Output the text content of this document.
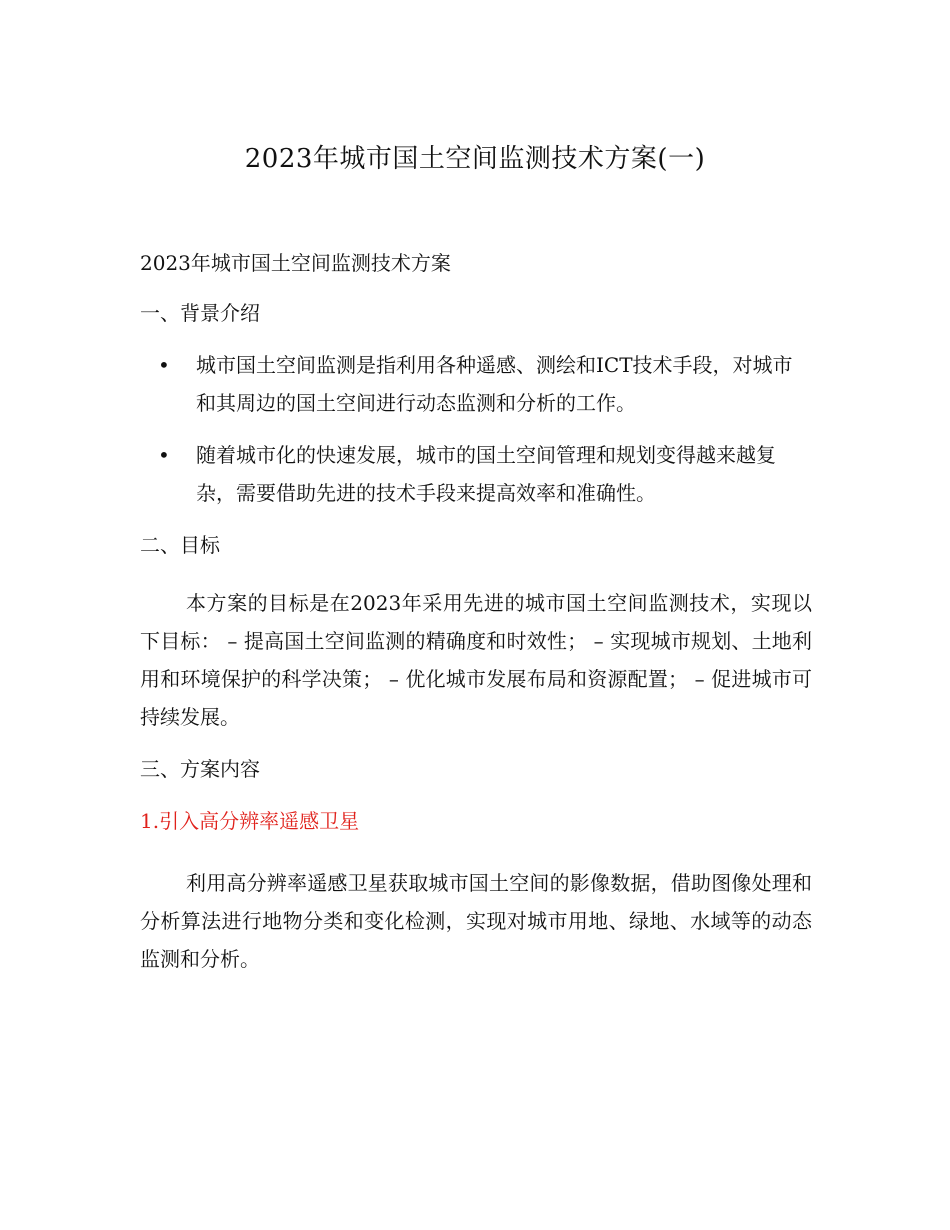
2023年城市国土空间监测技术方案(一)

2023年城市国土空间监测技术方案

一、背景介绍

• 城市国土空间监测是指利用各种遥感、测绘和ICT技术手段，对城市和其周边的国土空间进行动态监测和分析的工作。
• 随着城市化的快速发展，城市的国土空间管理和规划变得越来越复杂，需要借助先进的技术手段来提高效率和准确性。

二、目标

本方案的目标是在2023年采用先进的城市国土空间监测技术，实现以下目标： – 提高国土空间监测的精确度和时效性； – 实现城市规划、土地利用和环境保护的科学决策； – 优化城市发展布局和资源配置； – 促进城市可持续发展。

三、方案内容

1.引入高分辨率遥感卫星

利用高分辨率遥感卫星获取城市国土空间的影像数据，借助图像处理和分析算法进行地物分类和变化检测，实现对城市用地、绿地、水域等的动态监测和分析。
